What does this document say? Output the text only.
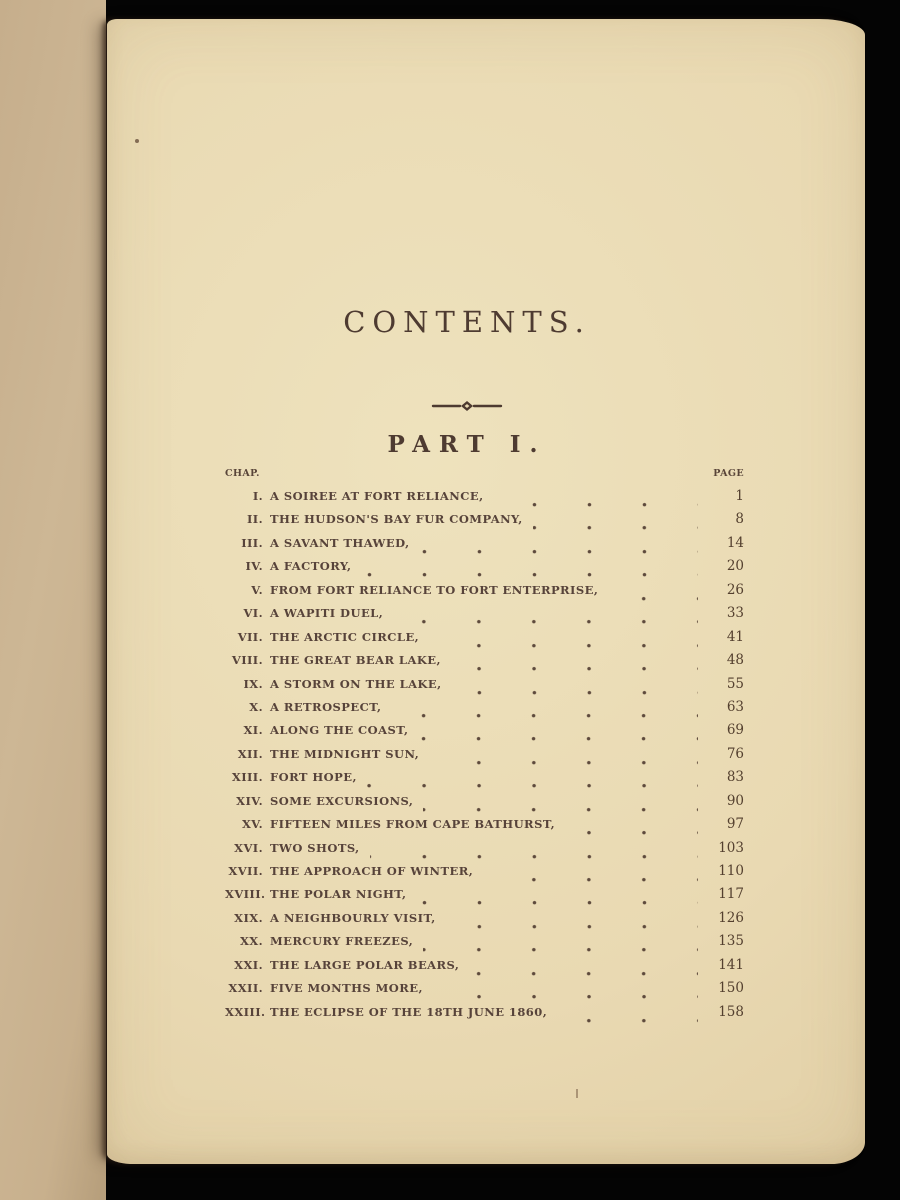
CONTENTS.
PART I.
CHAP.	PAGE
I. A SOIREE AT FORT RELIANCE,	1
II. THE HUDSON'S BAY FUR COMPANY,	8
III. A SAVANT THAWED,	14
IV. A FACTORY,	20
V. FROM FORT RELIANCE TO FORT ENTERPRISE,	26
VI. A WAPITI DUEL,	33
VII. THE ARCTIC CIRCLE,	41
VIII. THE GREAT BEAR LAKE,	48
IX. A STORM ON THE LAKE,	55
X. A RETROSPECT,	63
XI. ALONG THE COAST,	69
XII. THE MIDNIGHT SUN,	76
XIII. FORT HOPE,	83
XIV. SOME EXCURSIONS,	90
XV. FIFTEEN MILES FROM CAPE BATHURST,	97
XVI. TWO SHOTS,	103
XVII. THE APPROACH OF WINTER,	110
XVIII. THE POLAR NIGHT,	117
XIX. A NEIGHBOURLY VISIT,	126
XX. MERCURY FREEZES,	135
XXI. THE LARGE POLAR BEARS,	141
XXII. FIVE MONTHS MORE,	150
XXIII. THE ECLIPSE OF THE 18TH JUNE 1860,	158
